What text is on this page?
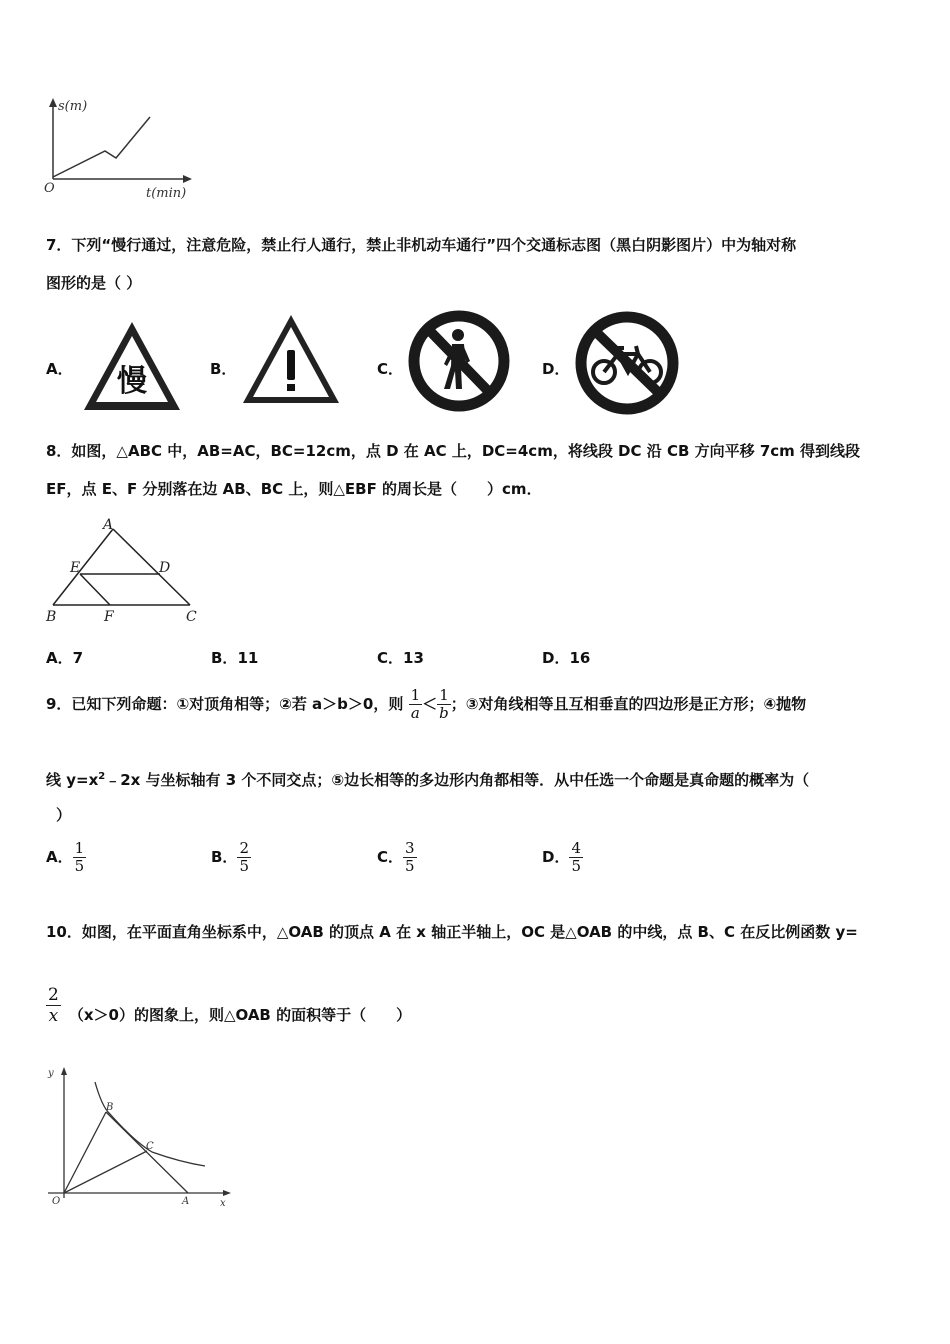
s(m)
t(min)
O
7．下列“慢行通过，注意危险，禁止行人通行，禁止非机动车通行”四个交通标志图（黑白阴影图片）中为轴对称
图形的是（ ）
A． 慢	B．	C．	D．
8．如图，△ABC 中，AB=AC，BC=12cm，点 D 在 AC 上，DC=4cm，将线段 DC 沿 CB 方向平移 7cm 得到线段
EF，点 E、F 分别落在边 AB、BC 上，则△EBF 的周长是（　　）cm．
A
E	D
B	F	C
A．7	B．11	C．13	D．16
9．已知下列命题：①对顶角相等；②若 a＞b＞0，则 $\frac{1}{a} < \frac{1}{b}$ ；③对角线相等且互相垂直的四边形是正方形；④抛物
线 $y=x^2﹣2x$ 与坐标轴有 3 个不同交点；⑤边长相等的多边形内角都相等．从中任选一个命题是真命题的概率为（
）
A． $\frac{1}{5}$	B． $\frac{2}{5}$	C． $\frac{3}{5}$	D． $\frac{4}{5}$
10．如图，在平面直角坐标系中，△OAB 的顶点 A 在 x 轴正半轴上，OC 是△OAB 的中线，点 B、C 在反比例函数 y=
$\frac{2}{x} (x>0)$的图象上，则△OAB 的面积等于（　　）
y
x
O	A
B
C
